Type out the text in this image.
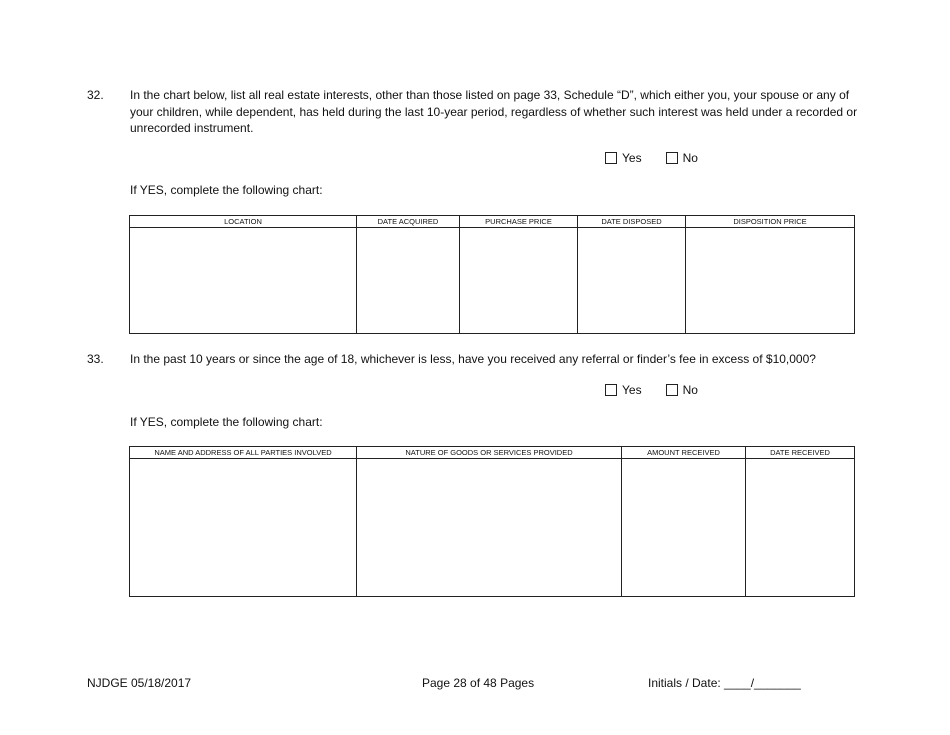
32. In the chart below, list all real estate interests, other than those listed on page 33, Schedule “D”, which either you, your spouse or any of your children, while dependent, has held during the last 10-year period, regardless of whether such interest was held under a recorded or unrecorded instrument.
Yes	No
If YES, complete the following chart:
LOCATION	DATE ACQUIRED	PURCHASE PRICE	DATE DISPOSED	DISPOSITION PRICE

33. In the past 10 years or since the age of 18, whichever is less, have you received any referral or finder’s fee in excess of $10,000?
Yes	No
If YES, complete the following chart:
NAME AND ADDRESS OF ALL PARTIES INVOLVED	NATURE OF GOODS OR SERVICES PROVIDED	AMOUNT RECEIVED	DATE RECEIVED

NJDGE 05/18/2017	Page 28 of 48 Pages	Initials / Date: ____/_______
